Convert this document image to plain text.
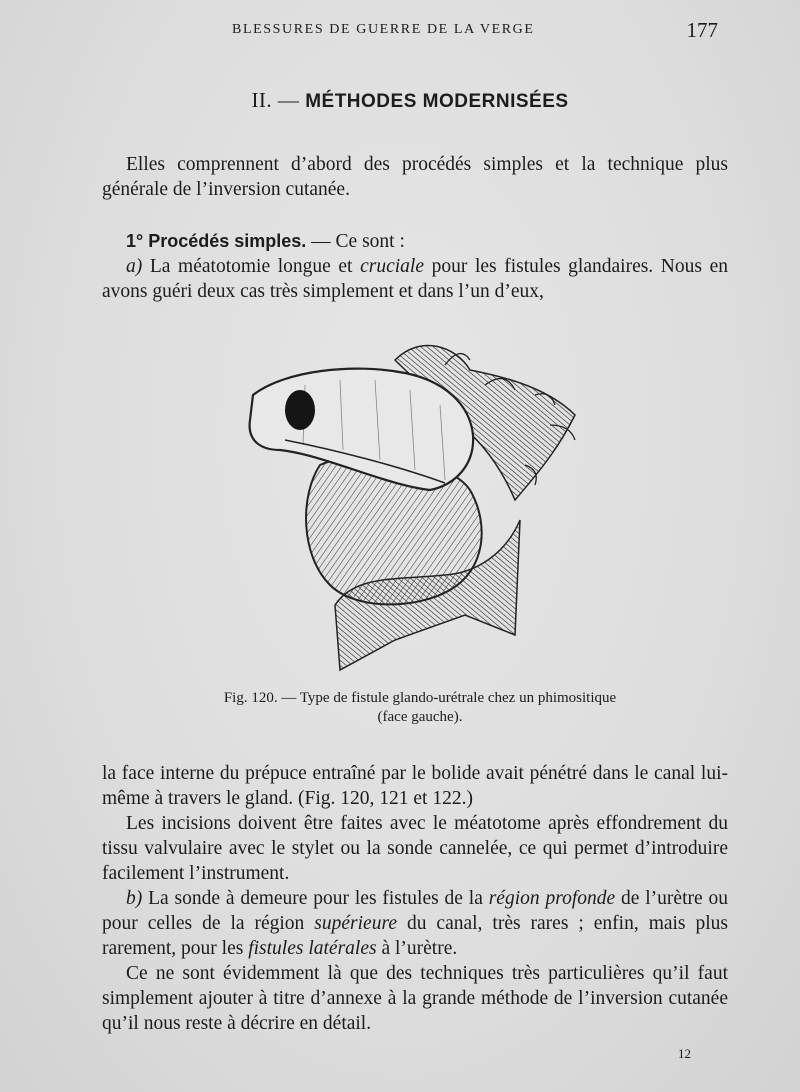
BLESSURES DE GUERRE DE LA VERGE	177
II. — MÉTHODES MODERNISÉES

Elles comprennent d’abord des procédés simples et la technique plus générale de l’inversion cutanée.

1° Procédés simples. — Ce sont :

a) La méatotomie longue et cruciale pour les fistules glandaires. Nous en avons guéri deux cas très simplement et dans l’un d’eux,

Fig. 120. — Type de fistule glando-urétrale chez un phimositique
(face gauche).

la face interne du prépuce entraîné par le bolide avait pénétré dans le canal lui-même à travers le gland. (Fig. 120, 121 et 122.)

Les incisions doivent être faites avec le méatotome après effondrement du tissu valvulaire avec le stylet ou la sonde cannelée, ce qui permet d’introduire facilement l’instrument.

b) La sonde à demeure pour les fistules de la région profonde de l’urètre ou pour celles de la région supérieure du canal, très rares ; enfin, mais plus rarement, pour les fistules latérales à l’urètre.

Ce ne sont évidemment là que des techniques très particulières qu’il faut simplement ajouter à titre d’annexe à la grande méthode de l’inversion cutanée qu’il nous reste à décrire en détail.

12
